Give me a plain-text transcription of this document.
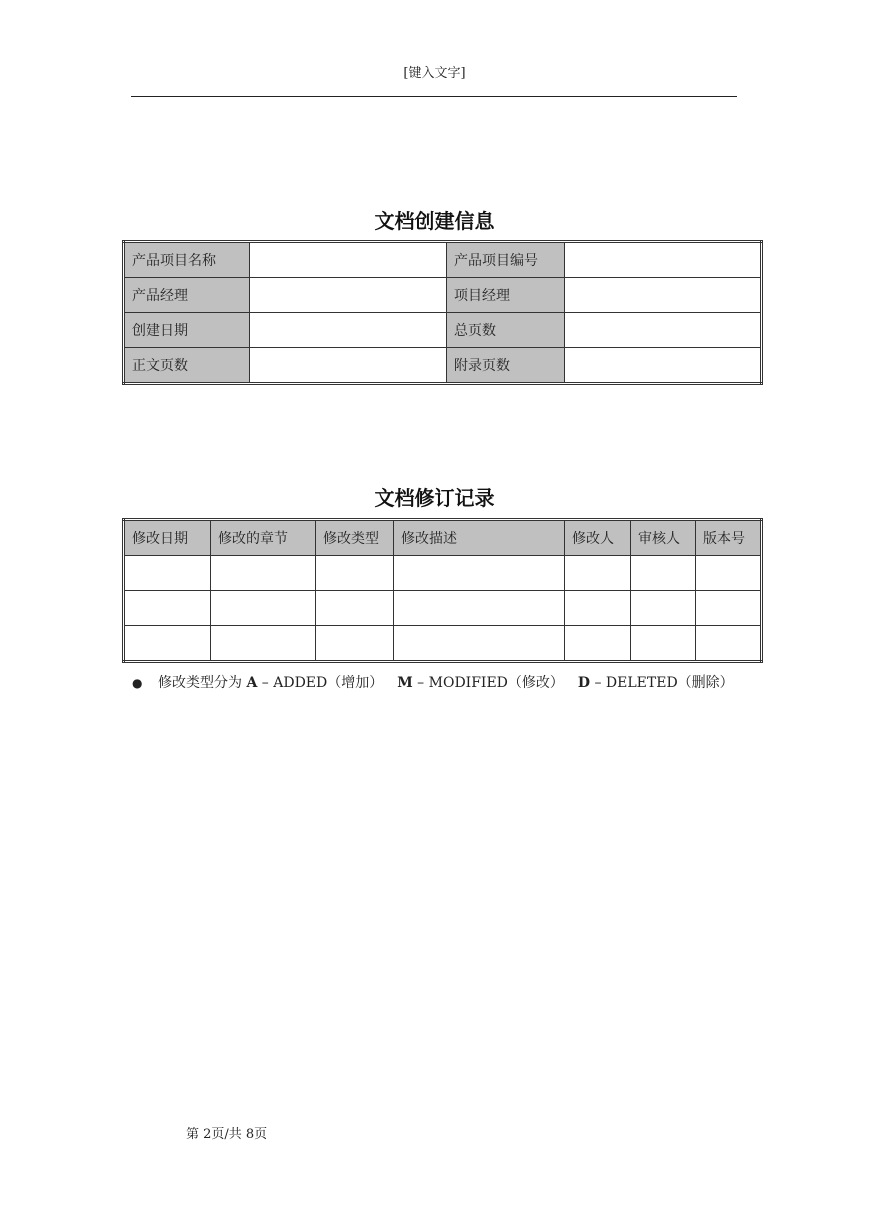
[键入文字]
文档创建信息
产品项目名称		产品项目编号	
产品经理		项目经理	
创建日期		总页数	
正文页数		附录页数	
文档修订记录
修改日期	修改的章节	修改类型	修改描述	修改人	审核人	版本号

● 修改类型分为 A – ADDED（增加） M – MODIFIED（修改） D – DELETED（删除）
第 2页/共 8页
